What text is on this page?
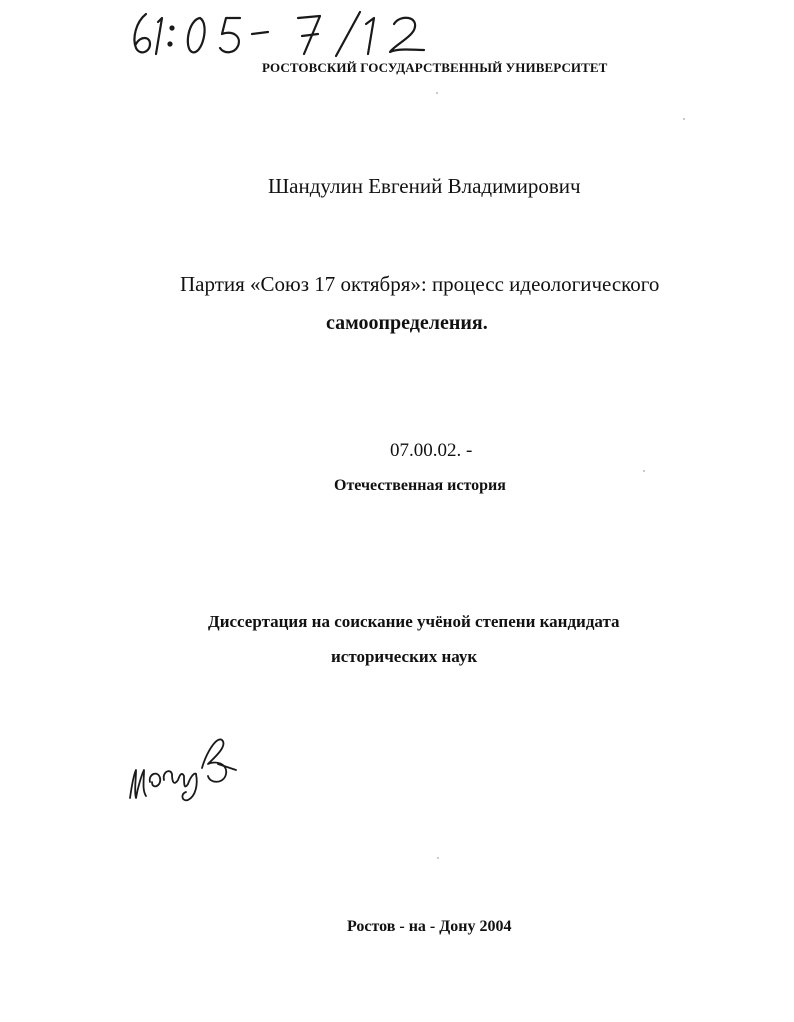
РОСТОВСКИЙ ГОСУДАРСТВЕННЫЙ УНИВЕРСИТЕТ
Шандулин Евгений Владимирович
Партия «Союз 17 октября»: процесс идеологического
самоопределения.
07.00.02. -
Отечественная история
Диссертация на соискание учёной степени кандидата
исторических наук
Ростов - на - Дону 2004
